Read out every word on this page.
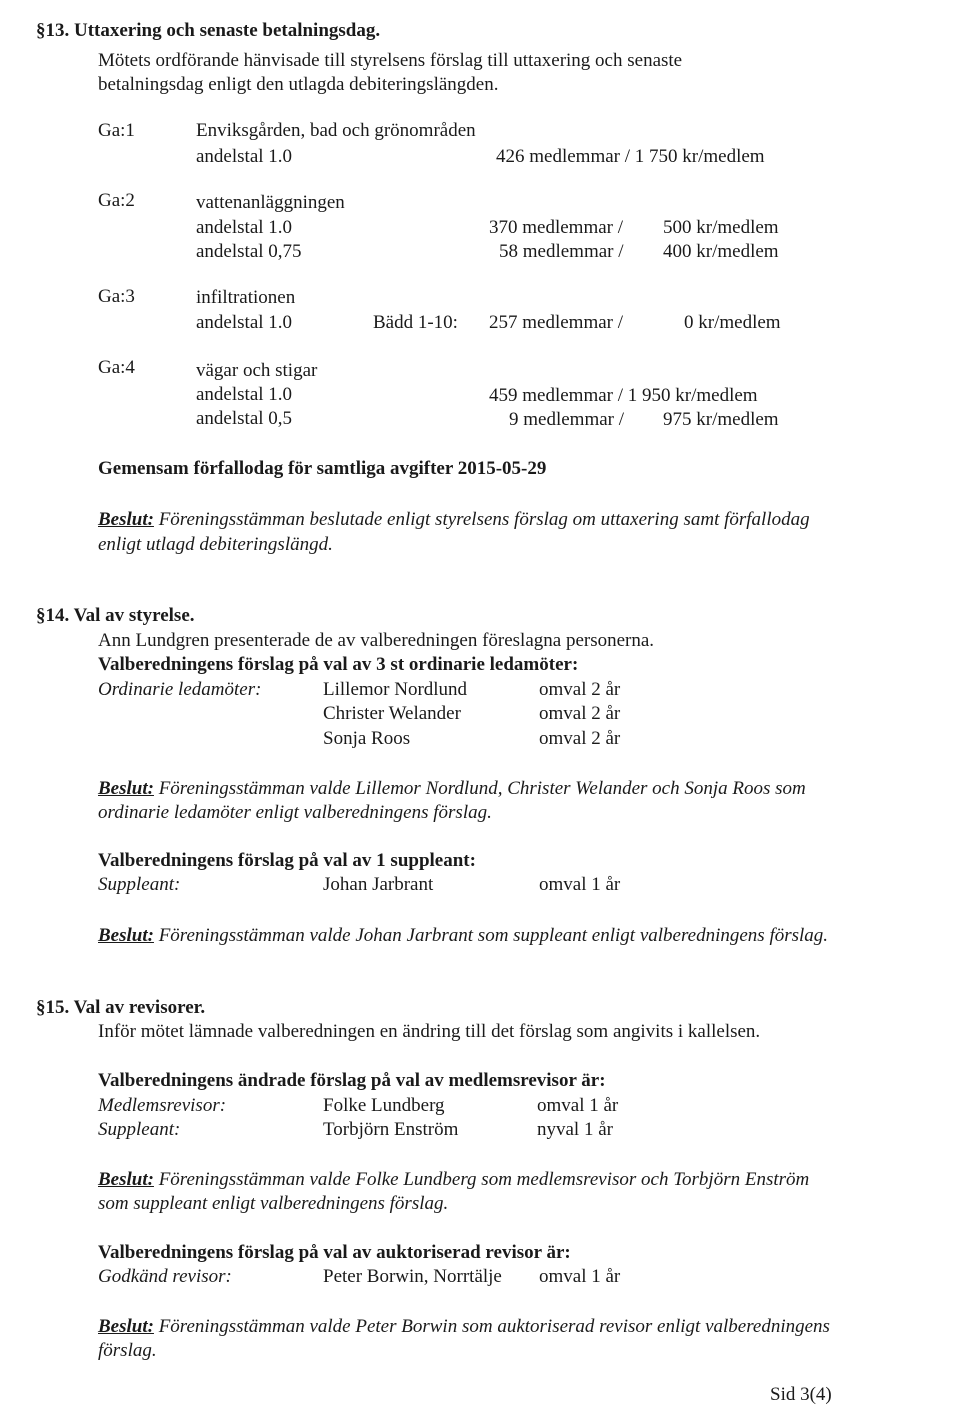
§13. Uttaxering och senaste betalningsdag.
Mötets ordförande hänvisade till styrelsens förslag till uttaxering och senaste
betalningsdag enligt den utlagda debiteringslängden.
Ga:1	Enviksgården, bad och grönområden
andelstal 1.0	426 medlemmar / 1 750 kr/medlem
Ga:2	vattenanläggningen
andelstal 1.0	370 medlemmar / 500 kr/medlem
andelstal 0,75	58 medlemmar / 400 kr/medlem
Ga:3	infiltrationen
andelstal 1.0	Bädd 1-10: 257 medlemmar /	0 kr/medlem
Ga:4	vägar och stigar
andelstal 1.0	459 medlemmar / 1 950 kr/medlem
andelstal 0,5	9 medlemmar / 975 kr/medlem
Gemensam förfallodag för samtliga avgifter 2015-05-29
Beslut: Föreningsstämman beslutade enligt styrelsens förslag om uttaxering samt förfallodag
enligt utlagd debiteringslängd.
§14. Val av styrelse.
Ann Lundgren presenterade de av valberedningen föreslagna personerna.
Valberedningens förslag på val av 3 st ordinarie ledamöter:
Ordinarie ledamöter:	Lillemor Nordlund	omval 2 år
Christer Welander	omval 2 år
Sonja Roos	omval 2 år
Beslut: Föreningsstämman valde Lillemor Nordlund, Christer Welander och Sonja Roos som
ordinarie ledamöter enligt valberedningens förslag.
Valberedningens förslag på val av 1 suppleant:
Suppleant:	Johan Jarbrant	omval 1 år
Beslut: Föreningsstämman valde Johan Jarbrant som suppleant enligt valberedningens förslag.
§15. Val av revisorer.
Inför mötet lämnade valberedningen en ändring till det förslag som angivits i kallelsen.
Valberedningens ändrade förslag på val av medlemsrevisor är:
Medlemsrevisor:	Folke Lundberg	omval 1 år
Suppleant:	Torbjörn Enström	nyval 1 år
Beslut: Föreningsstämman valde Folke Lundberg som medlemsrevisor och Torbjörn Enström
som suppleant enligt valberedningens förslag.
Valberedningens förslag på val av auktoriserad revisor är:
Godkänd revisor:	Peter Borwin, Norrtälje omval 1 år
Beslut: Föreningsstämman valde Peter Borwin som auktoriserad revisor enligt valberedningens
förslag.
Sid 3(4)
